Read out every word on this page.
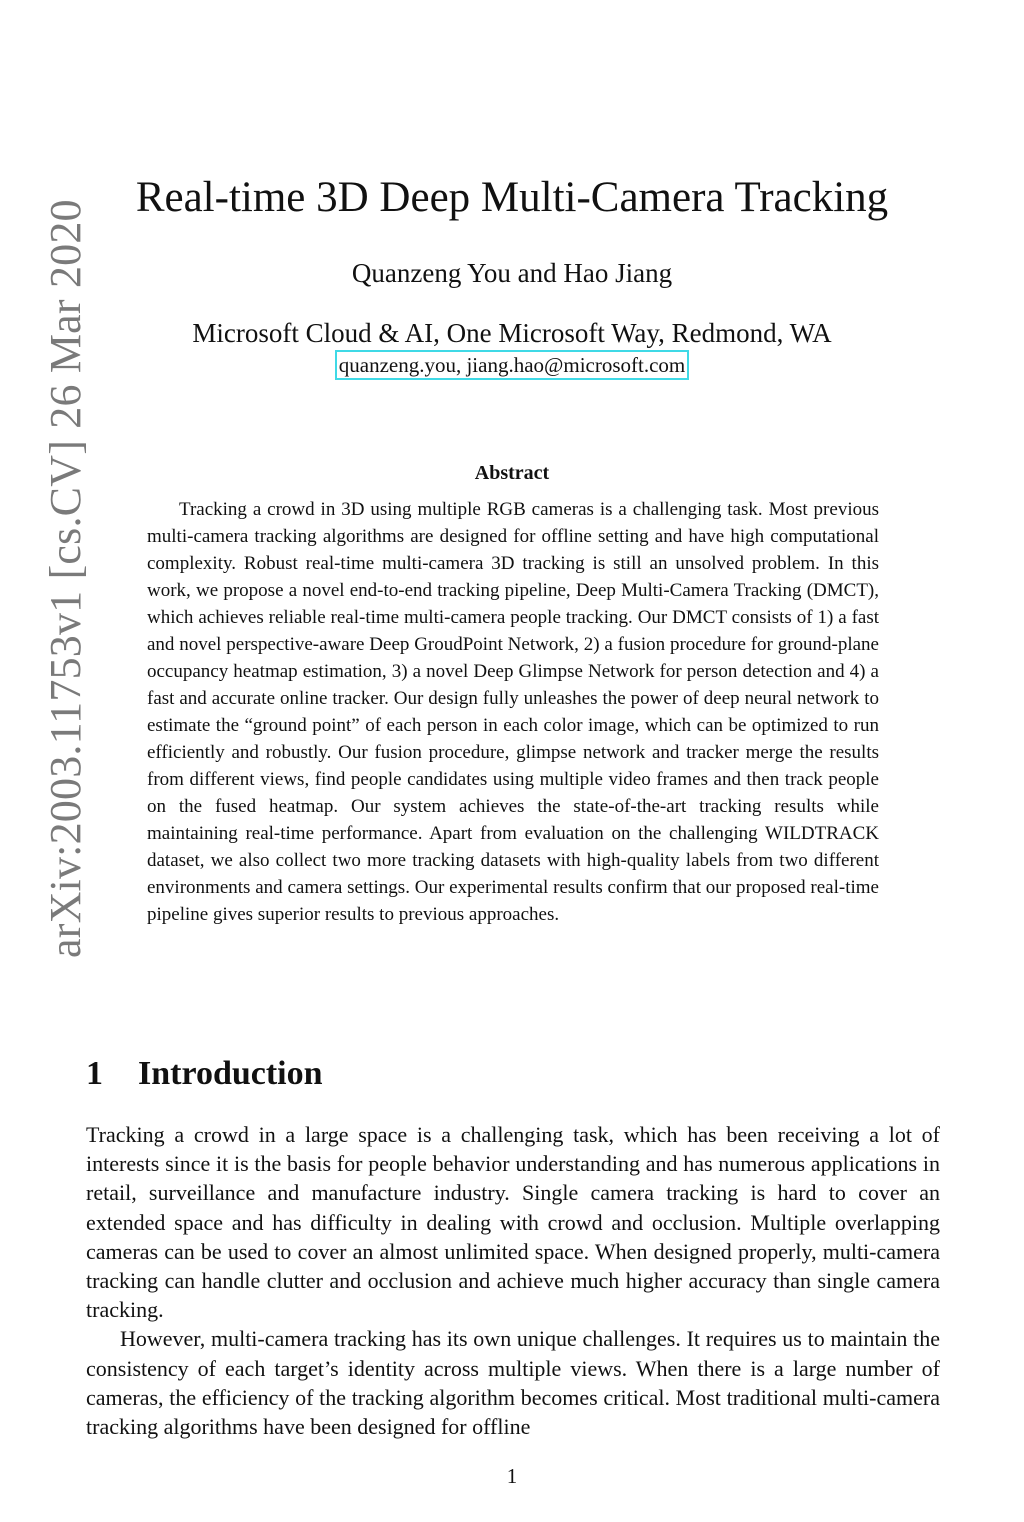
arXiv:2003.11753v1 [cs.CV] 26 Mar 2020
Real-time 3D Deep Multi-Camera Tracking
Quanzeng You and Hao Jiang
Microsoft Cloud & AI, One Microsoft Way, Redmond, WA
quanzeng.you, jiang.hao@microsoft.com
Abstract

Tracking a crowd in 3D using multiple RGB cameras is a challenging task. Most previous multi-camera tracking algorithms are designed for offline setting and have high computational complexity. Robust real-time multi-camera 3D tracking is still an unsolved problem. In this work, we propose a novel end-to-end tracking pipeline, Deep Multi-Camera Tracking (DMCT), which achieves reliable real-time multi-camera people tracking. Our DMCT consists of 1) a fast and novel perspective-aware Deep GroudPoint Network, 2) a fusion procedure for ground-plane occupancy heatmap estimation, 3) a novel Deep Glimpse Network for person detection and 4) a fast and accurate online tracker. Our design fully unleashes the power of deep neural network to estimate the “ground point” of each person in each color image, which can be optimized to run efficiently and robustly. Our fusion procedure, glimpse network and tracker merge the results from different views, find people candidates using multiple video frames and then track people on the fused heatmap. Our system achieves the state-of-the-art tracking results while maintaining real-time performance. Apart from evaluation on the challenging WILDTRACK dataset, we also collect two more tracking datasets with high-quality labels from two different environments and camera settings. Our experimental results confirm that our proposed real-time pipeline gives superior results to previous approaches.

1 Introduction

Tracking a crowd in a large space is a challenging task, which has been receiving a lot of interests since it is the basis for people behavior understanding and has numerous applications in retail, surveillance and manufacture industry. Single camera tracking is hard to cover an extended space and has difficulty in dealing with crowd and occlusion. Multiple overlapping cameras can be used to cover an almost unlimited space. When designed properly, multi-camera tracking can handle clutter and occlusion and achieve much higher accuracy than single camera tracking.

However, multi-camera tracking has its own unique challenges. It requires us to maintain the consistency of each target’s identity across multiple views. When there is a large number of cameras, the efficiency of the tracking algorithm becomes critical. Most traditional multi-camera tracking algorithms have been designed for offline

1
